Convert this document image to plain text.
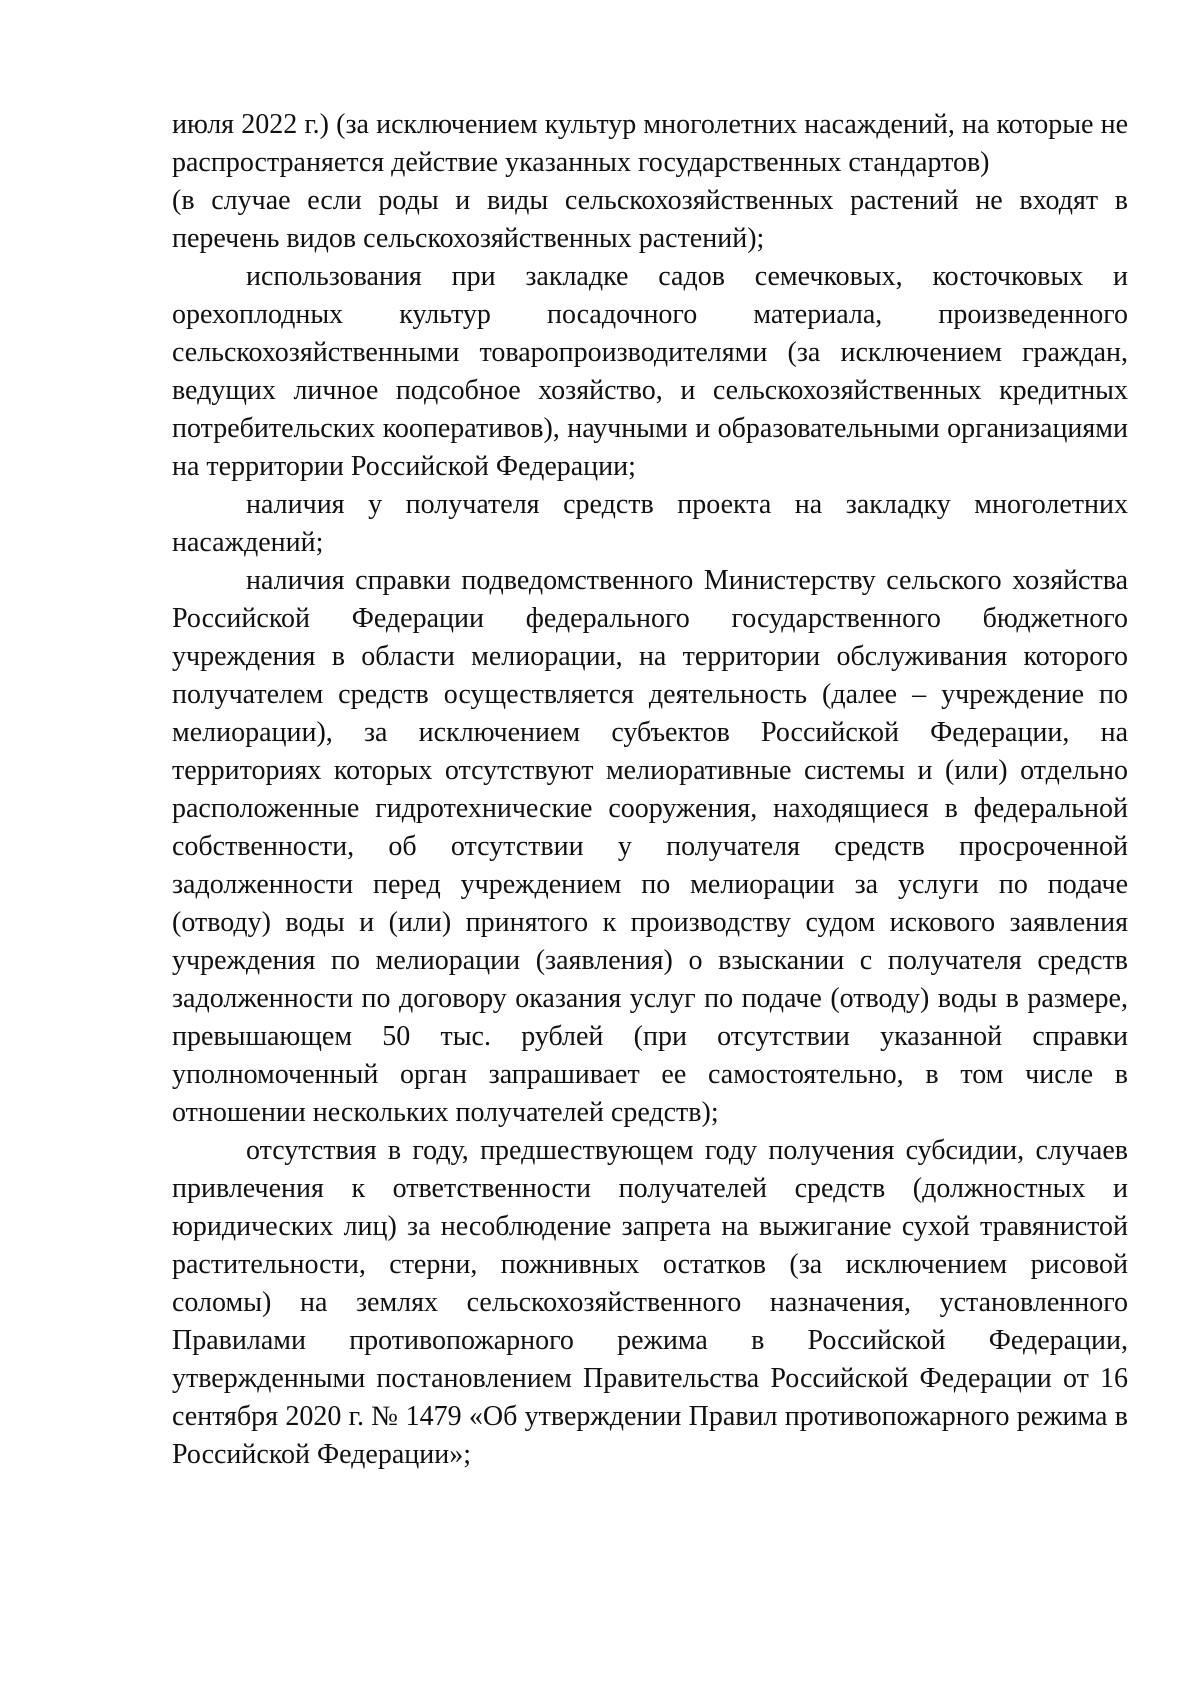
июля 2022 г.) (за исключением культур многолетних насаждений, на которые не распространяется действие указанных государственных стандартов)

(в случае если роды и виды сельскохозяйственных растений не входят в перечень видов сельскохозяйственных растений);

использования при закладке садов семечковых, косточковых и орехоплодных культур посадочного материала, произведенного сельскохозяйственными товаропроизводителями (за исключением граждан, ведущих личное подсобное хозяйство, и сельскохозяйственных кредитных потребительских кооперативов), научными и образовательными организациями на территории Российской Федерации;

наличия у получателя средств проекта на закладку многолетних насаждений;

наличия справки подведомственного Министерству сельского хозяйства Российской Федерации федерального государственного бюджетного учреждения в области мелиорации, на территории обслуживания которого получателем средств осуществляется деятельность (далее – учреждение по мелиорации), за исключением субъектов Российской Федерации, на территориях которых отсутствуют мелиоративные системы и (или) отдельно расположенные гидротехнические сооружения, находящиеся в федеральной собственности, об отсутствии у получателя средств просроченной задолженности перед учреждением по мелиорации за услуги по подаче (отводу) воды и (или) принятого к производству судом искового заявления учреждения по мелиорации (заявления) о взыскании с получателя средств задолженности по договору оказания услуг по подаче (отводу) воды в размере, превышающем 50 тыс. рублей (при отсутствии указанной справки уполномоченный орган запрашивает ее самостоятельно, в том числе в отношении нескольких получателей средств);

отсутствия в году, предшествующем году получения субсидии, случаев привлечения к ответственности получателей средств (должностных и юридических лиц) за несоблюдение запрета на выжигание сухой травянистой растительности, стерни, пожнивных остатков (за исключением рисовой соломы) на землях сельскохозяйственного назначения, установленного Правилами противопожарного режима в Российской Федерации, утвержденными постановлением Правительства Российской Федерации от 16 сентября 2020 г. № 1479 «Об утверждении Правил противопожарного режима в Российской Федерации»;
